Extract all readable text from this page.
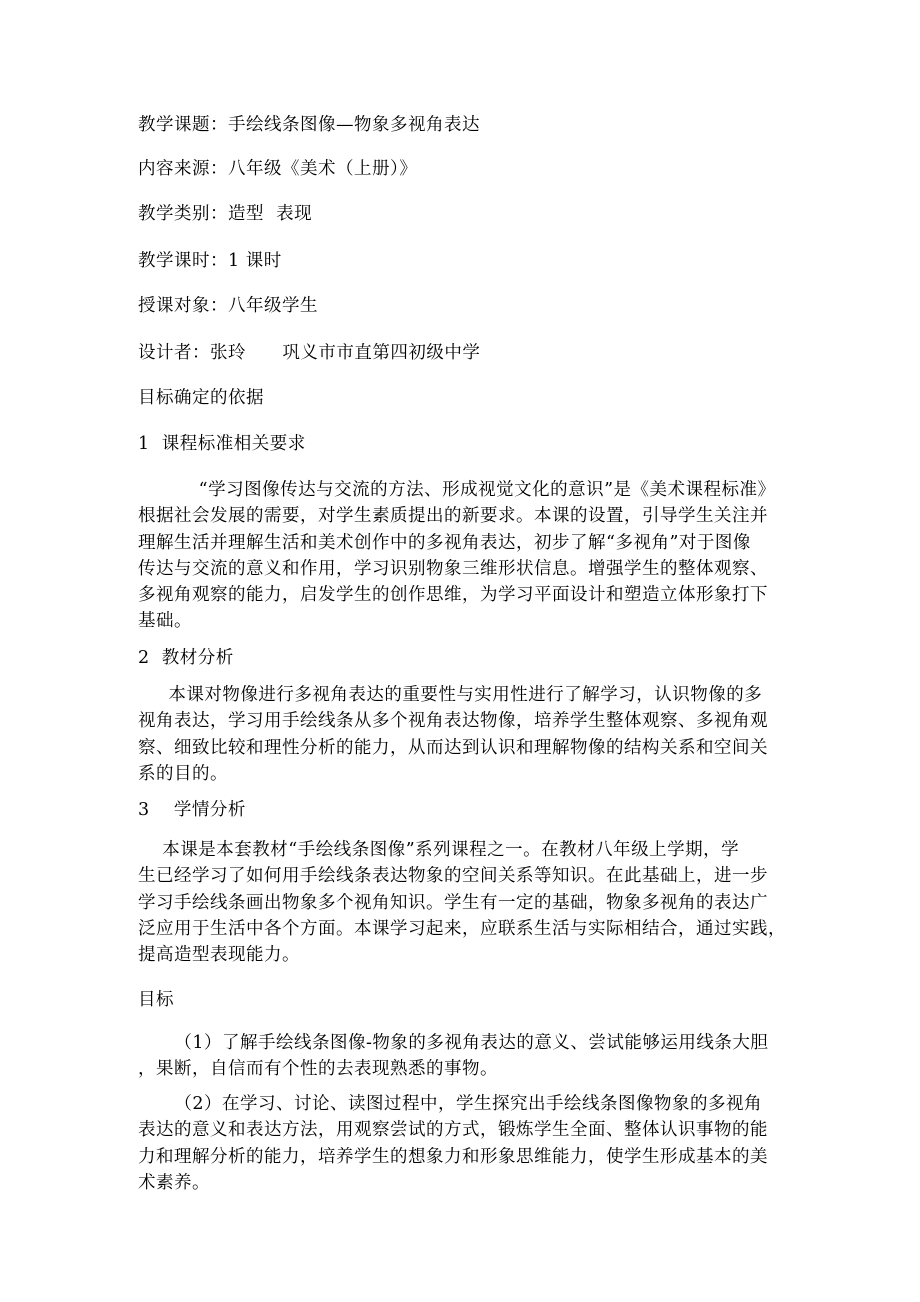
教学课题：手绘线条图像—物象多视角表达
内容来源：八年级《美术（上册）》
教学类别：造型  表现
教学课时：1 课时
授课对象：八年级学生
设计者：张玲      巩义市市直第四初级中学
目标确定的依据
1  课程标准相关要求
“学习图像传达与交流的方法、形成视觉文化的意识”是《美术课程标准》
根据社会发展的需要，对学生素质提出的新要求。本课的设置，引导学生关注并
理解生活并理解生活和美术创作中的多视角表达，初步了解“多视角”对于图像
传达与交流的意义和作用，学习识别物象三维形状信息。增强学生的整体观察、
多视角观察的能力，启发学生的创作思维，为学习平面设计和塑造立体形象打下
基础。
2  教材分析
本课对物像进行多视角表达的重要性与实用性进行了解学习，认识物像的多
视角表达，学习用手绘线条从多个视角表达物像，培养学生整体观察、多视角观
察、细致比较和理性分析的能力，从而达到认识和理解物像的结构关系和空间关
系的目的。
3    学情分析
本课是本套教材“手绘线条图像”系列课程之一。在教材八年级上学期，学
生已经学习了如何用手绘线条表达物象的空间关系等知识。在此基础上，进一步
学习手绘线条画出物象多个视角知识。学生有一定的基础，物象多视角的表达广
泛应用于生活中各个方面。本课学习起来，应联系生活与实际相结合，通过实践，
提高造型表现能力。
目标
（1）了解手绘线条图像-物象的多视角表达的意义、尝试能够运用线条大胆
，果断，自信而有个性的去表现熟悉的事物。
（2）在学习、讨论、读图过程中，学生探究出手绘线条图像物象的多视角
表达的意义和表达方法，用观察尝试的方式，锻炼学生全面、整体认识事物的能
力和理解分析的能力，培养学生的想象力和形象思维能力，使学生形成基本的美
术素养。
